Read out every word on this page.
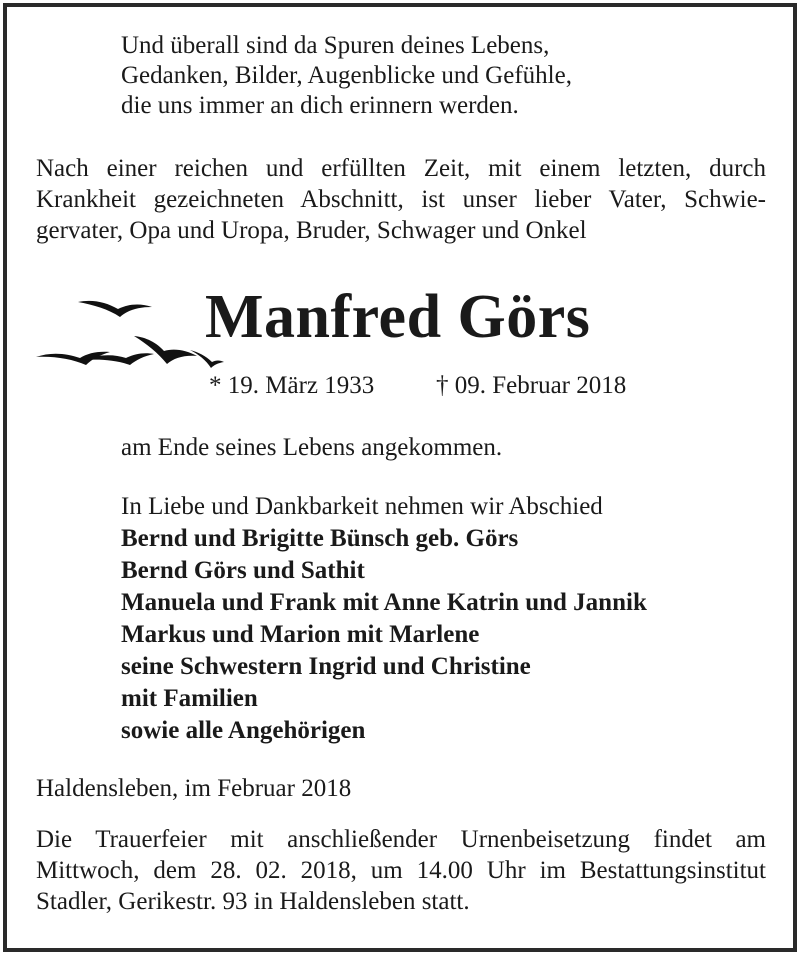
Und überall sind da Spuren deines Lebens,
Gedanken, Bilder, Augenblicke und Gefühle,
die uns immer an dich erinnern werden.
Nach einer reichen und erfüllten Zeit, mit einem letzten, durch
Krankheit gezeichneten Abschnitt, ist unser lieber Vater, Schwie-
gervater, Opa und Uropa, Bruder, Schwager und Onkel
Manfred Görs
* 19. März 1933 † 09. Februar 2018
am Ende seines Lebens angekommen.
In Liebe und Dankbarkeit nehmen wir Abschied
Bernd und Brigitte Bünsch geb. Görs
Bernd Görs und Sathit
Manuela und Frank mit Anne Katrin und Jannik
Markus und Marion mit Marlene
seine Schwestern Ingrid und Christine
mit Familien
sowie alle Angehörigen
Haldensleben, im Februar 2018
Die Trauerfeier mit anschließender Urnenbeisetzung findet am
Mittwoch, dem 28. 02. 2018, um 14.00 Uhr im Bestattungsinstitut
Stadler, Gerikestr. 93 in Haldensleben statt.
